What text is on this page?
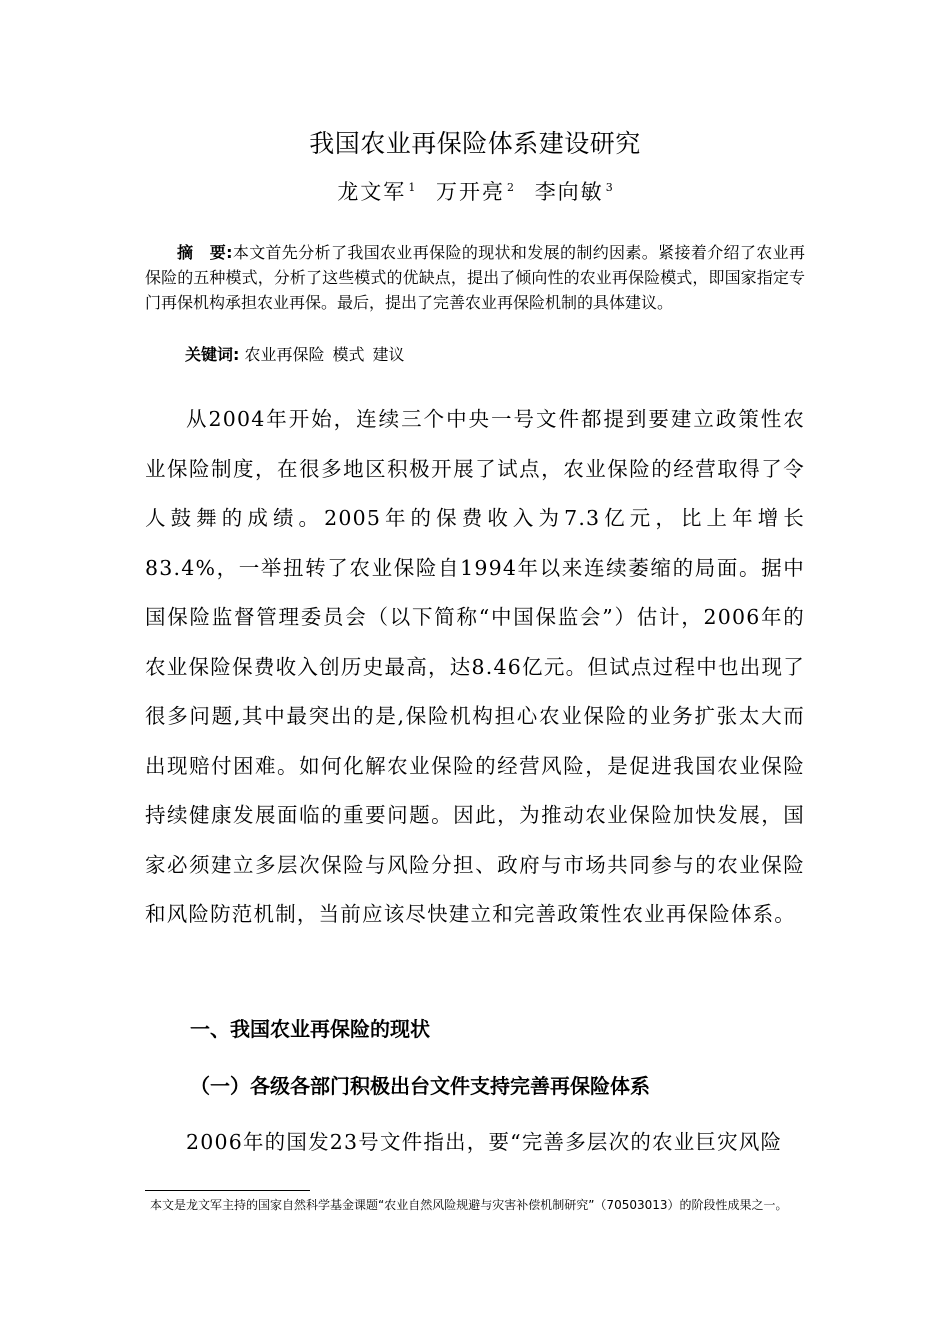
我国农业再保险体系建设研究
龙文军 $^1$ 万开亮 $^2$ 李向敏 $^3$

摘　要:本文首先分析了我国农业再保险的现状和发展的制约因素。紧接着介绍了农业再保险的五种模式，分析了这些模式的优缺点，提出了倾向性的农业再保险模式，即国家指定专门再保机构承担农业再保。最后，提出了完善农业再保险机制的具体建议。

关键词: 农业再保险 模式 建议

从2004年开始，连续三个中央一号文件都提到要建立政策性农业保险制度，在很多地区积极开展了试点，农业保险的经营取得了令人鼓舞的成绩。2005年的保费收入为7.3亿元，比上年增长83.4%，一举扭转了农业保险自1994年以来连续萎缩的局面。据中国保险监督管理委员会（以下简称“中国保监会”）估计，2006年的农业保险保费收入创历史最高，达8.46亿元。但试点过程中也出现了很多问题,其中最突出的是,保险机构担心农业保险的业务扩张太大而出现赔付困难。如何化解农业保险的经营风险，是促进我国农业保险持续健康发展面临的重要问题。因此，为推动农业保险加快发展，国家必须建立多层次保险与风险分担、政府与市场共同参与的农业保险和风险防范机制，当前应该尽快建立和完善政策性农业再保险体系。

一、我国农业再保险的现状
（一）各级各部门积极出台文件支持完善再保险体系

2006年的国发23号文件指出，要“完善多层次的农业巨灾风险

本文是龙文军主持的国家自然科学基金课题“农业自然风险规避与灾害补偿机制研究”（70503013）的阶段性成果之一。
